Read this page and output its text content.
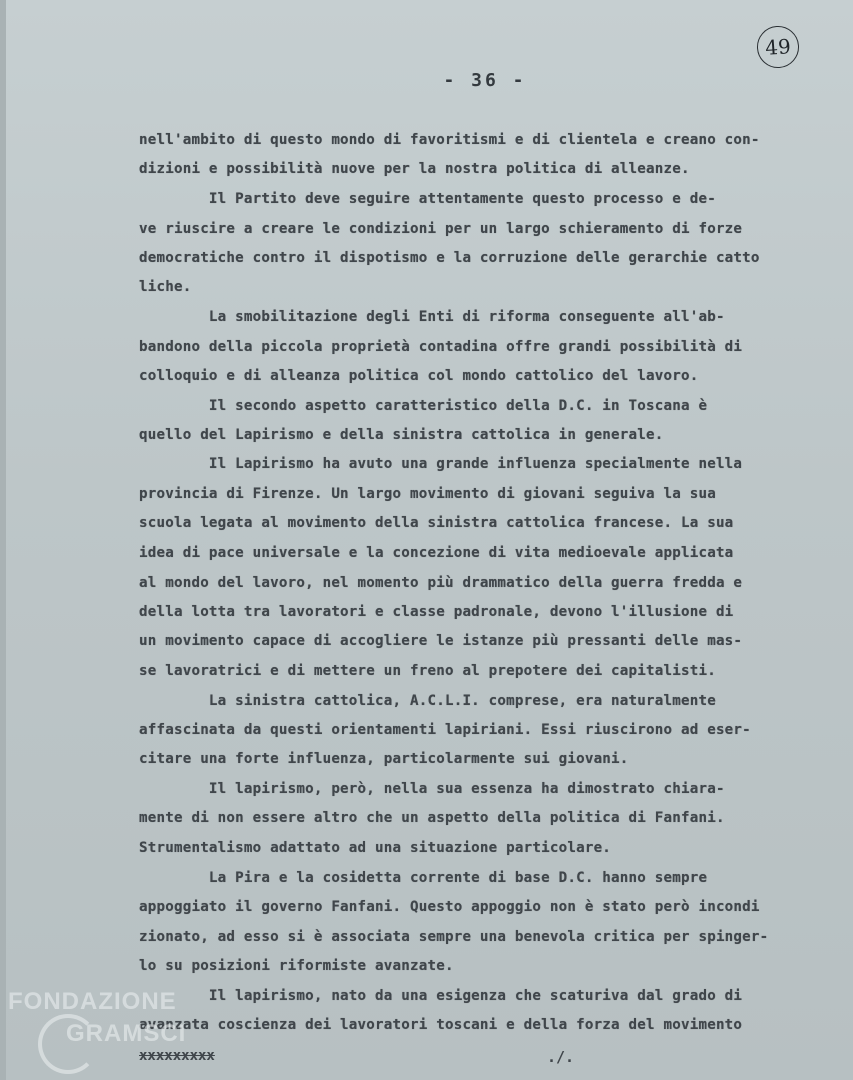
49
- 36 -
nell'ambito di questo mondo di favoritismi e di clientela e creano con-
dizioni e possibilità nuove per la nostra politica di alleanze.
Il Partito deve seguire attentamente questo processo e de-
ve riuscire a creare le condizioni per un largo schieramento di forze
democratiche contro il dispotismo e la corruzione delle gerarchie catto
liche.
La smobilitazione degli Enti di riforma conseguente all'ab-
bandono della piccola proprietà contadina offre grandi possibilità di
colloquio e di alleanza politica col mondo cattolico del lavoro.
Il secondo aspetto caratteristico della D.C. in Toscana è
quello del Lapirismo e della sinistra cattolica in generale.
Il Lapirismo ha avuto una grande influenza specialmente nella
provincia di Firenze. Un largo movimento di giovani seguiva la sua
scuola legata al movimento della sinistra cattolica francese. La sua
idea di pace universale e la concezione di vita medioevale applicata
al mondo del lavoro, nel momento più drammatico della guerra fredda e
della lotta tra lavoratori e classe padronale, devono l'illusione di
un movimento capace di accogliere le istanze più pressanti delle mas-
se lavoratrici e di mettere un freno al prepotere dei capitalisti.
La sinistra cattolica, A.C.L.I. comprese, era naturalmente
affascinata da questi orientamenti lapiriani. Essi riuscirono ad eser-
citare una forte influenza, particolarmente sui giovani.
Il lapirismo, però, nella sua essenza ha dimostrato chiara-
mente di non essere altro che un aspetto della politica di Fanfani.
Strumentalismo adattato ad una situazione particolare.
La Pira e la cosidetta corrente di base D.C. hanno sempre
appoggiato il governo Fanfani. Questo appoggio non è stato però incondi
zionato, ad esso si è associata sempre una benevola critica per spinger-
lo su posizioni riformiste avanzate.
Il lapirismo, nato da una esigenza che scaturiva dal grado di
avanzata coscienza dei lavoratori toscani e della forza del movimento
xxxxxxxxx	./.
FONDAZIONE
GRAMSCI
